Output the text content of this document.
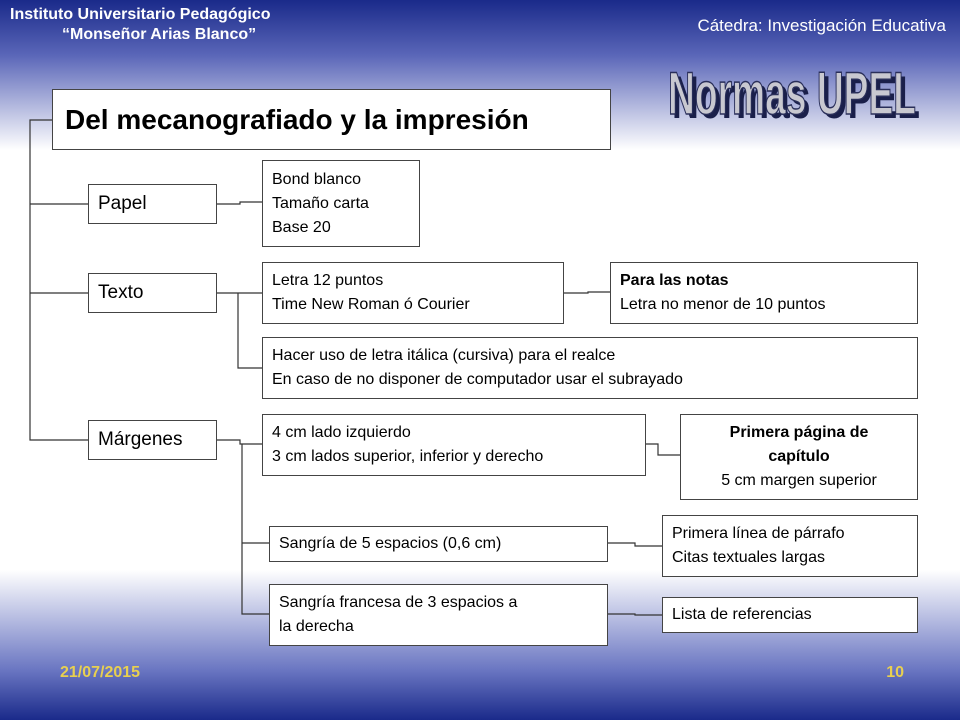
Instituto Universitario Pedagógico
“Monseñor Arias Blanco”	Cátedra: Investigación Educativa
Normas UPEL
Normas UPEL
Del mecanografiado y la impresión
Papel
Texto
Márgenes
Bond blanco
Tamaño carta
Base 20
Letra 12 puntos
Time New Roman ó Courier
Para las notas
Letra no menor de 10 puntos
Hacer uso de letra itálica (cursiva) para el realce
En caso de no disponer de computador usar el subrayado
4 cm lado izquierdo
3 cm lados superior, inferior y derecho
Primera página de
capítulo
5 cm margen superior
Sangría de 5 espacios (0,6 cm)
Primera línea de párrafo
Citas textuales largas
Sangría francesa de 3 espacios a
la derecha
Lista de referencias
21/07/2015	10
